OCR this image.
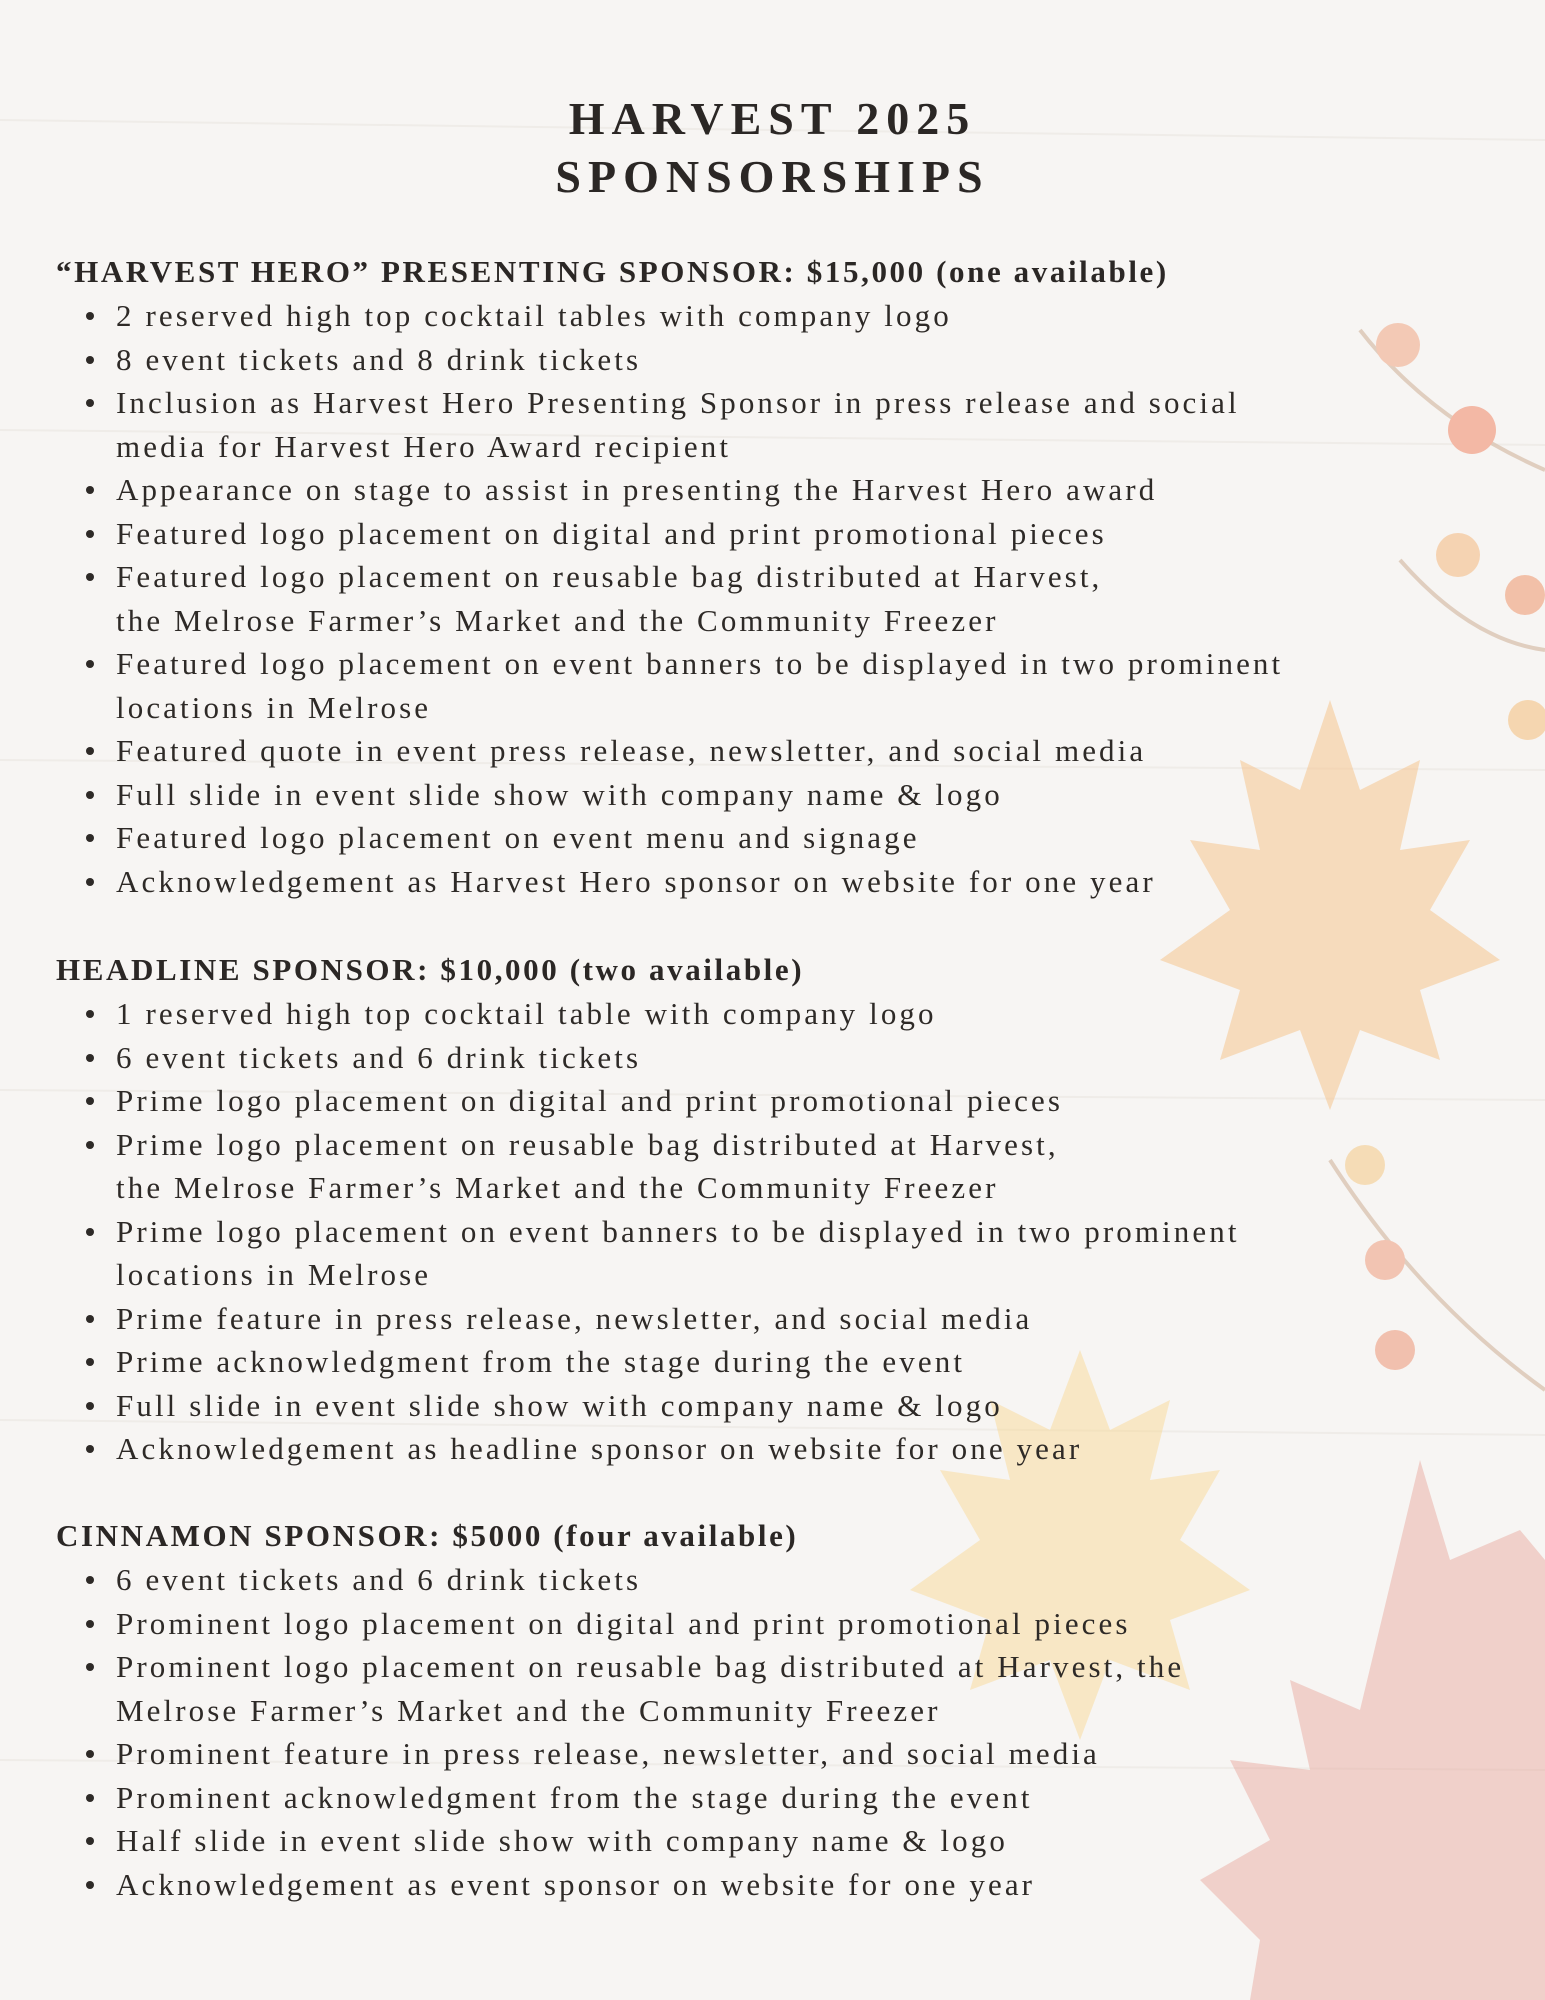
HARVEST 2025
SPONSORSHIPS
“HARVEST HERO” PRESENTING SPONSOR: $15,000 (one available)
2 reserved high top cocktail tables with company logo
8 event tickets and 8 drink tickets
Inclusion as Harvest Hero Presenting Sponsor in press release and social
media for Harvest Hero Award recipient
Appearance on stage to assist in presenting the Harvest Hero award
Featured logo placement on digital and print promotional pieces
Featured logo placement on reusable bag distributed at Harvest,
the Melrose Farmer’s Market and the Community Freezer
Featured logo placement on event banners to be displayed in two prominent
locations in Melrose
Featured quote in event press release, newsletter, and social media
Full slide in event slide show with company name & logo
Featured logo placement on event menu and signage
Acknowledgement as Harvest Hero sponsor on website for one year
HEADLINE SPONSOR: $10,000 (two available)
1 reserved high top cocktail table with company logo
6 event tickets and 6 drink tickets
Prime logo placement on digital and print promotional pieces
Prime logo placement on reusable bag distributed at Harvest,
the Melrose Farmer’s Market and the Community Freezer
Prime logo placement on event banners to be displayed in two prominent
locations in Melrose
Prime feature in press release, newsletter, and social media
Prime acknowledgment from the stage during the event
Full slide in event slide show with company name & logo
Acknowledgement as headline sponsor on website for one year
CINNAMON SPONSOR: $5000 (four available)
6 event tickets and 6 drink tickets
Prominent logo placement on digital and print promotional pieces
Prominent logo placement on reusable bag distributed at Harvest, the
Melrose Farmer’s Market and the Community Freezer
Prominent feature in press release, newsletter, and social media
Prominent acknowledgment from the stage during the event
Half slide in event slide show with company name & logo
Acknowledgement as event sponsor on website for one year
